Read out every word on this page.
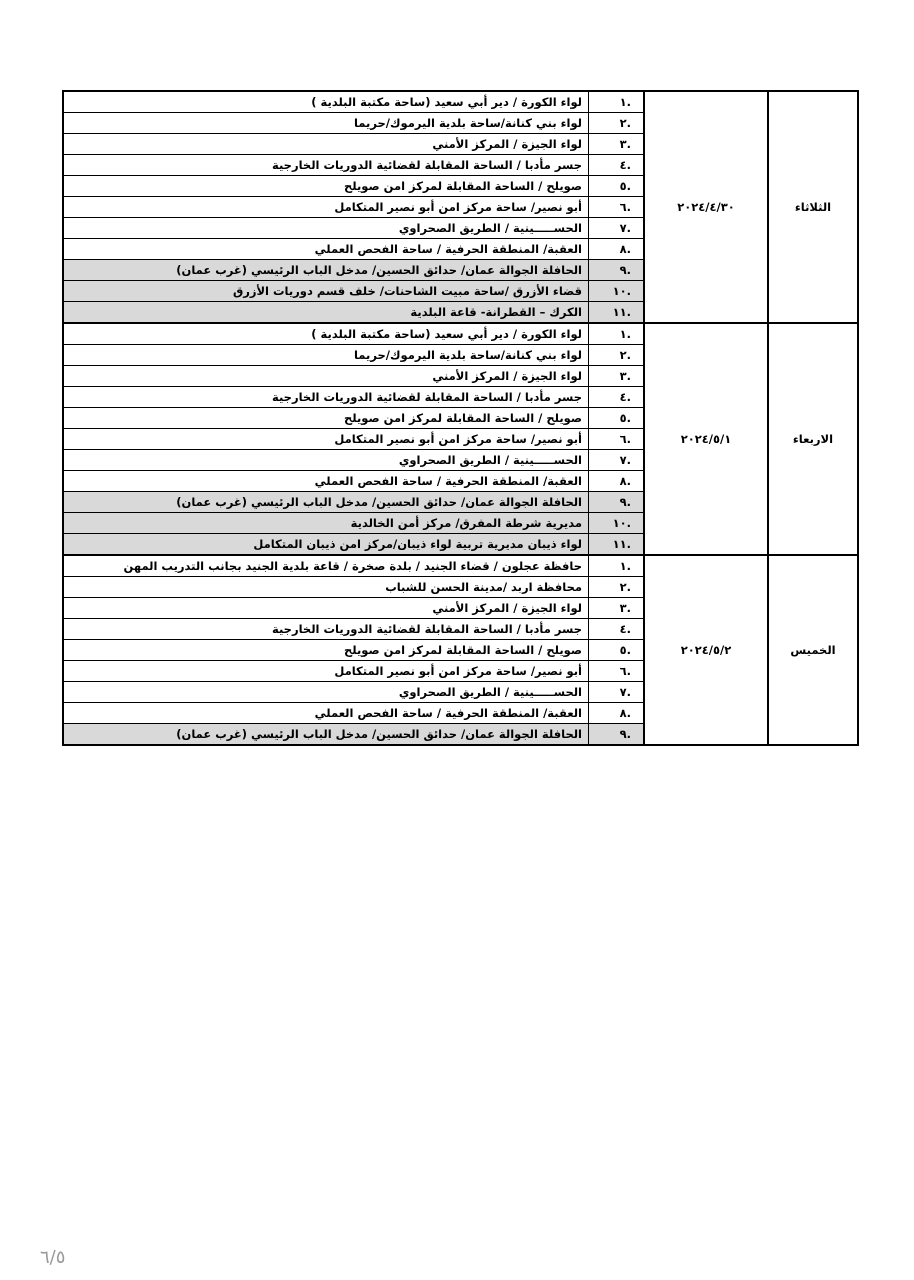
الثلاثاء	٢٠٢٤/٤/٣٠	.١	لواء الكورة / دير أبي سعيد (ساحة مكتبة البلدية )
		.٢	لواء بني كنانة/ساحة بلدية اليرموك/حريما
		.٣	لواء الجيزة / المركز الأمني
		.٤	جسر مأدبا / الساحة المقابلة لقضائية الدوريات الخارجية
		.٥	صويلح / الساحة المقابلة لمركز امن صويلح
		.٦	أبو نصير/ ساحة مركز امن أبو نصير المتكامل
		.٧	الحســـــينية / الطريق الصحراوي
		.٨	العقبة/ المنطقة الحرفية / ساحة الفحص العملي
		.٩	الحافلة الجوالة عمان/ حدائق الحسين/ مدخل الباب الرئيسي (غرب عمان)
		.١٠	قضاء الأزرق /ساحة مبيت الشاحنات/ خلف قسم دوريات الأزرق
		.١١	الكرك – القطرانة- قاعة البلدية
الاربعاء	٢٠٢٤/٥/١	.١	لواء الكورة / دير أبي سعيد (ساحة مكتبة البلدية )
		.٢	لواء بني كنانة/ساحة بلدية اليرموك/حريما
		.٣	لواء الجيزة / المركز الأمني
		.٤	جسر مأدبا / الساحة المقابلة لقضائية الدوريات الخارجية
		.٥	صويلح / الساحة المقابلة لمركز امن صويلح
		.٦	أبو نصير/ ساحة مركز امن أبو نصير المتكامل
		.٧	الحســـــينية / الطريق الصحراوي
		.٨	العقبة/ المنطقة الحرفية / ساحة الفحص العملي
		.٩	الحافلة الجوالة عمان/ حدائق الحسين/ مدخل الباب الرئيسي (غرب عمان)
		.١٠	مديرية شرطة المفرق/ مركز أمن الخالدية
		.١١	لواء ذيبان مديرية تربية لواء ذيبان/مركز امن ذيبان المتكامل
الخميس	٢٠٢٤/٥/٢	.١	حافظة عجلون / قضاء الجنيد / بلدة صخرة / قاعة بلدية الجنيد بجانب التدريب المهن
		.٢	محافظة اربد /مدينة الحسن للشباب
		.٣	لواء الجيزة / المركز الأمني
		.٤	جسر مأدبا / الساحة المقابلة لقضائية الدوريات الخارجية
		.٥	صويلح / الساحة المقابلة لمركز امن صويلح
		.٦	أبو نصير/ ساحة مركز امن أبو نصير المتكامل
		.٧	الحســـــينية / الطريق الصحراوي
		.٨	العقبة/ المنطقة الحرفية / ساحة الفحص العملي
		.٩	الحافلة الجوالة عمان/ حدائق الحسين/ مدخل الباب الرئيسي (غرب عمان)
٦/٥
